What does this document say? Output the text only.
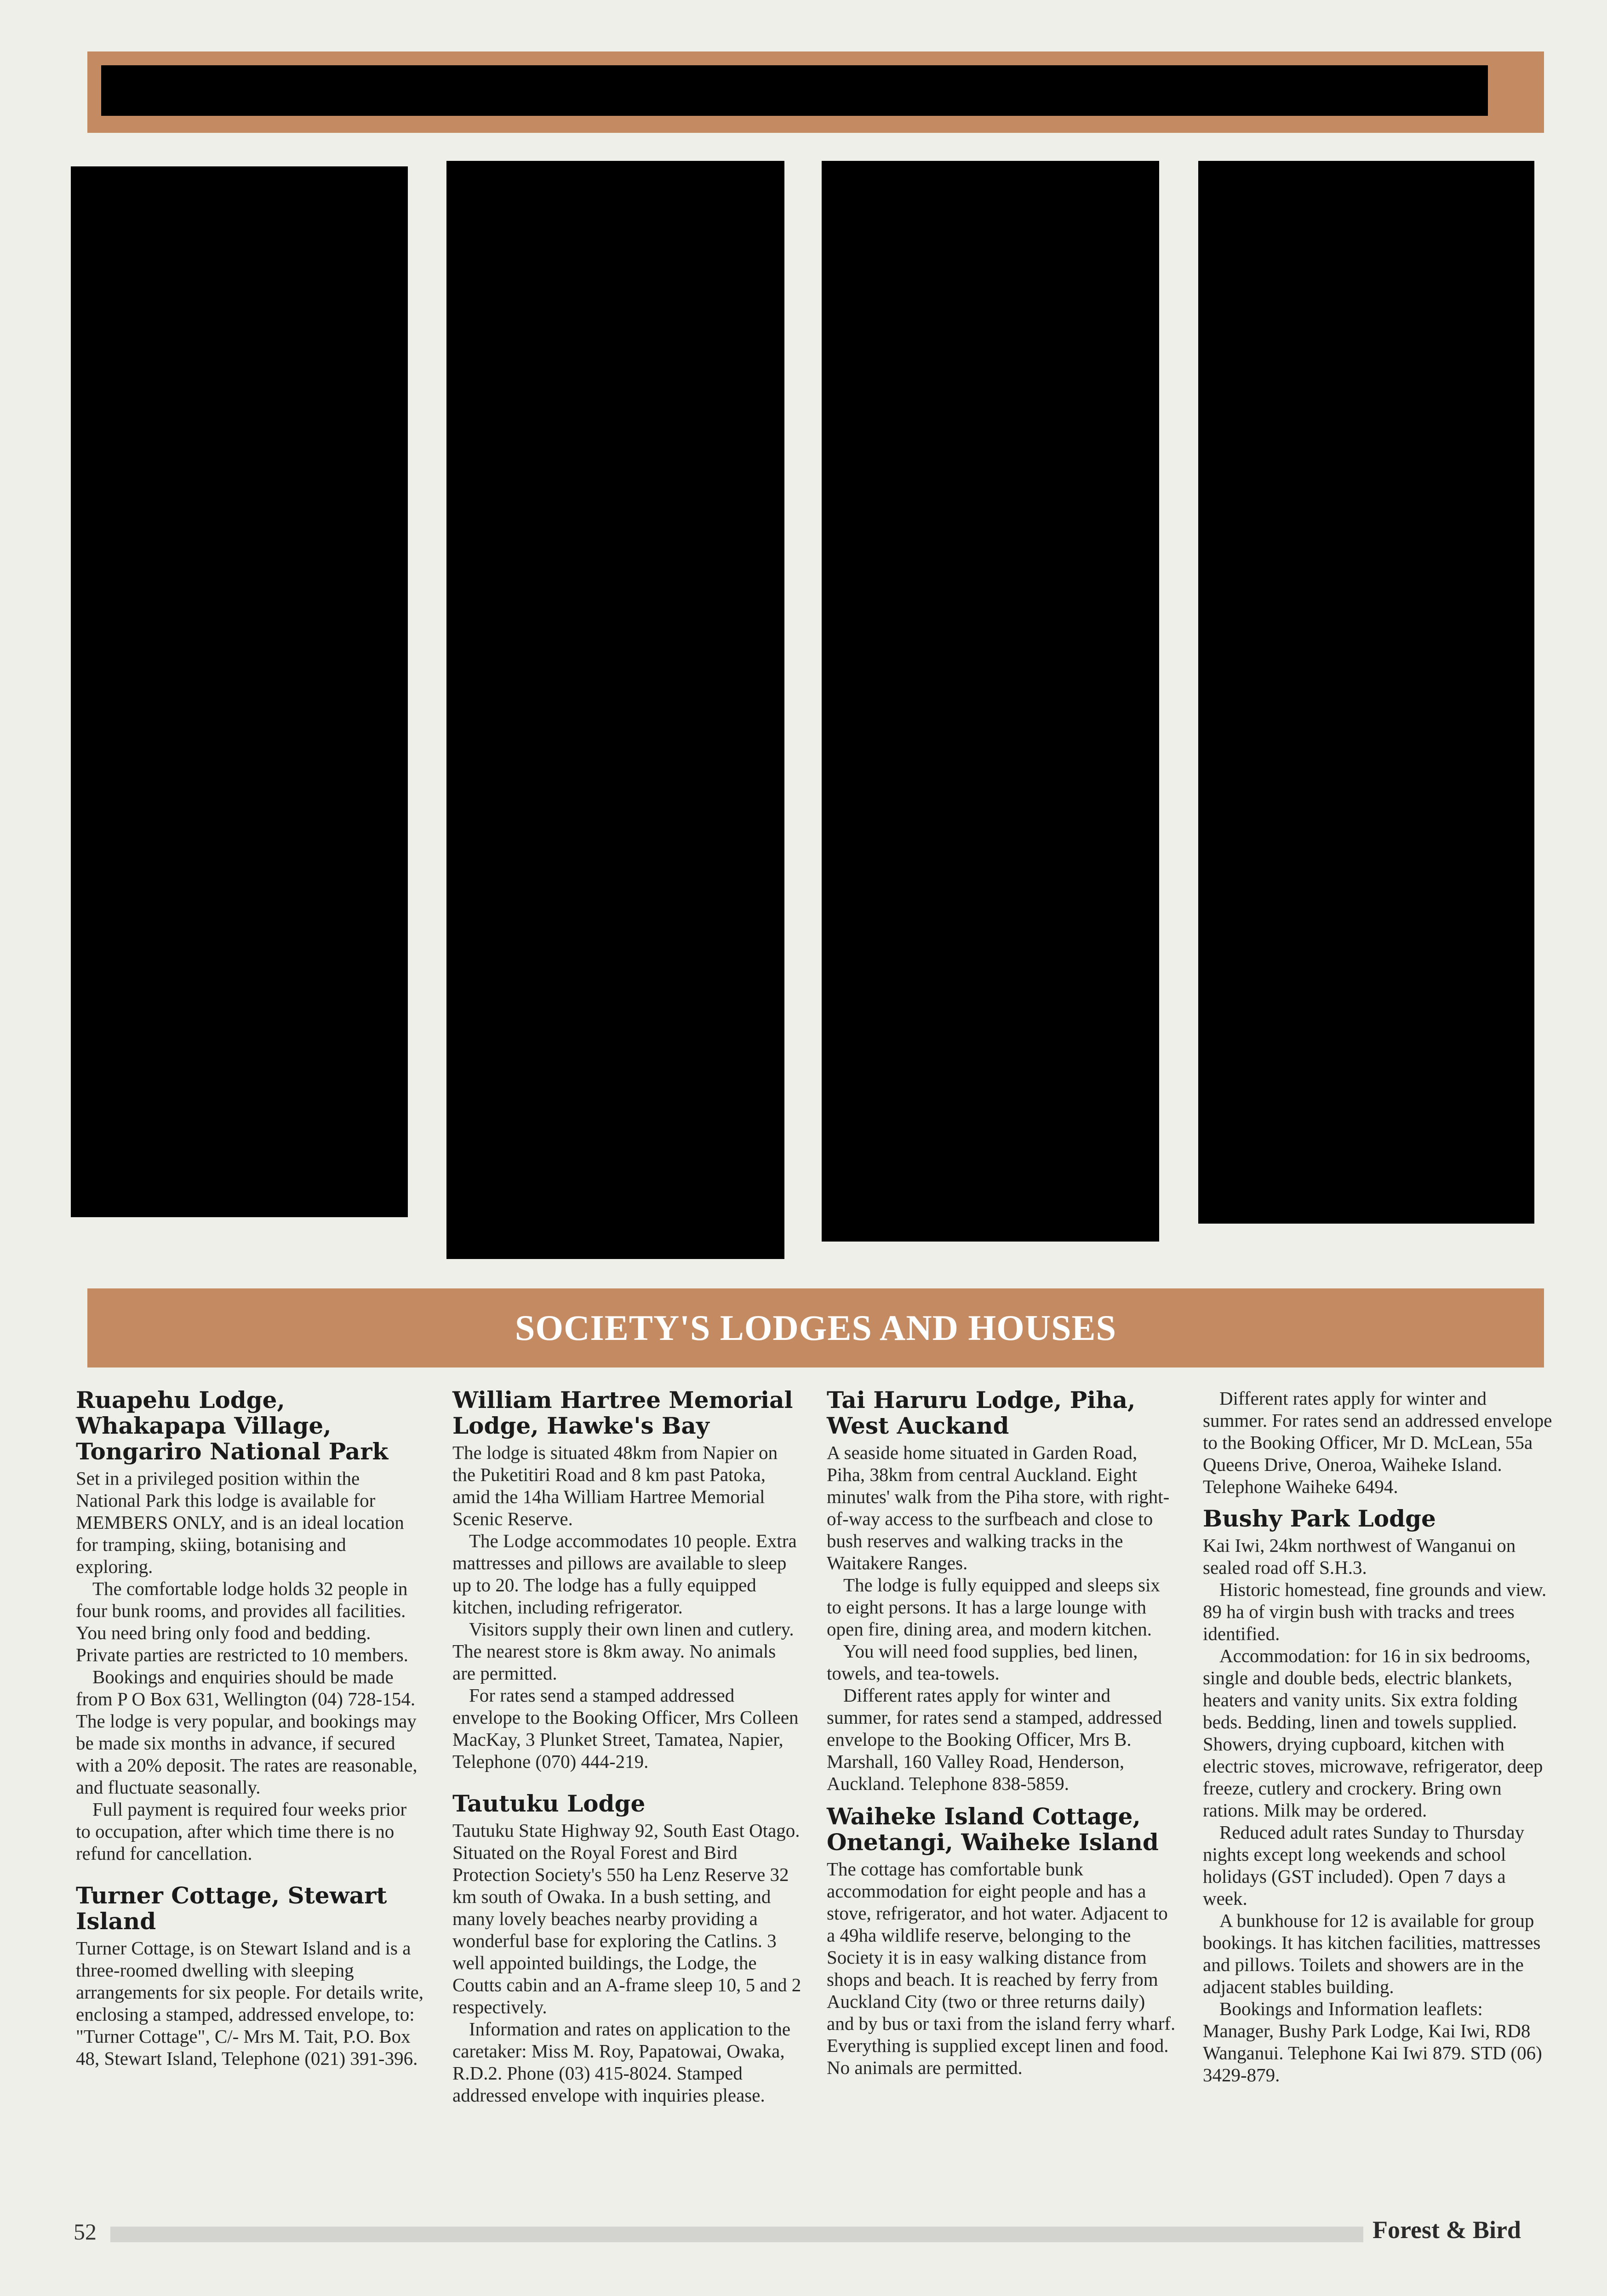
SOCIETY'S LODGES AND HOUSES
Ruapehu Lodge, Whakapapa Village, Tongariro National Park

Set in a privileged position within the National Park this lodge is available for MEMBERS ONLY, and is an ideal location for tramping, skiing, botanising and exploring.

The comfortable lodge holds 32 people in four bunk rooms, and provides all facilities. You need bring only food and bedding. Private parties are restricted to 10 members.

Bookings and enquiries should be made from P O Box 631, Wellington (04) 728-154. The lodge is very popular, and bookings may be made six months in advance, if secured with a 20% deposit. The rates are reasonable, and fluctuate seasonally.

Full payment is required four weeks prior to occupation, after which time there is no refund for cancellation.

Turner Cottage, Stewart Island

Turner Cottage, is on Stewart Island and is a three-roomed dwelling with sleeping arrangements for six people. For details write, enclosing a stamped, addressed envelope, to: "Turner Cottage", C/- Mrs M. Tait, P.O. Box 48, Stewart Island, Telephone (021) 391-396.

William Hartree Memorial Lodge, Hawke's Bay

The lodge is situated 48km from Napier on the Puketitiri Road and 8 km past Patoka, amid the 14ha William Hartree Memorial Scenic Reserve.

The Lodge accommodates 10 people. Extra mattresses and pillows are available to sleep up to 20. The lodge has a fully equipped kitchen, including refrigerator.

Visitors supply their own linen and cutlery. The nearest store is 8km away. No animals are permitted.

For rates send a stamped addressed envelope to the Booking Officer, Mrs Colleen MacKay, 3 Plunket Street, Tamatea, Napier, Telephone (070) 444-219.

Tautuku Lodge

Tautuku State Highway 92, South East Otago. Situated on the Royal Forest and Bird Protection Society's 550 ha Lenz Reserve 32 km south of Owaka. In a bush setting, and many lovely beaches nearby providing a wonderful base for exploring the Catlins. 3 well appointed buildings, the Lodge, the Coutts cabin and an A-frame sleep 10, 5 and 2 respectively.

Information and rates on application to the caretaker: Miss M. Roy, Papatowai, Owaka, R.D.2. Phone (03) 415-8024. Stamped addressed envelope with inquiries please.

Tai Haruru Lodge, Piha, West Auckand

A seaside home situated in Garden Road, Piha, 38km from central Auckland. Eight minutes' walk from the Piha store, with right-of-way access to the surfbeach and close to bush reserves and walking tracks in the Waitakere Ranges.

The lodge is fully equipped and sleeps six to eight persons. It has a large lounge with open fire, dining area, and modern kitchen.

You will need food supplies, bed linen, towels, and tea-towels.

Different rates apply for winter and summer, for rates send a stamped, addressed envelope to the Booking Officer, Mrs B. Marshall, 160 Valley Road, Henderson, Auckland. Telephone 838-5859.

Waiheke Island Cottage, Onetangi, Waiheke Island

The cottage has comfortable bunk accommodation for eight people and has a stove, refrigerator, and hot water. Adjacent to a 49ha wildlife reserve, belonging to the Society it is in easy walking distance from shops and beach. It is reached by ferry from Auckland City (two or three returns daily) and by bus or taxi from the island ferry wharf. Everything is supplied except linen and food. No animals are permitted.

Different rates apply for winter and summer. For rates send an addressed envelope to the Booking Officer, Mr D. McLean, 55a Queens Drive, Oneroa, Waiheke Island. Telephone Waiheke 6494.

Bushy Park Lodge

Kai Iwi, 24km northwest of Wanganui on sealed road off S.H.3.

Historic homestead, fine grounds and view. 89 ha of virgin bush with tracks and trees identified.

Accommodation: for 16 in six bedrooms, single and double beds, electric blankets, heaters and vanity units. Six extra folding beds. Bedding, linen and towels supplied. Showers, drying cupboard, kitchen with electric stoves, microwave, refrigerator, deep freeze, cutlery and crockery. Bring own rations. Milk may be ordered.

Reduced adult rates Sunday to Thursday nights except long weekends and school holidays (GST included). Open 7 days a week.

A bunkhouse for 12 is available for group bookings. It has kitchen facilities, mattresses and pillows. Toilets and showers are in the adjacent stables building.

Bookings and Information leaflets: Manager, Bushy Park Lodge, Kai Iwi, RD8 Wanganui. Telephone Kai Iwi 879. STD (06) 3429-879.

52	Forest & Bird
